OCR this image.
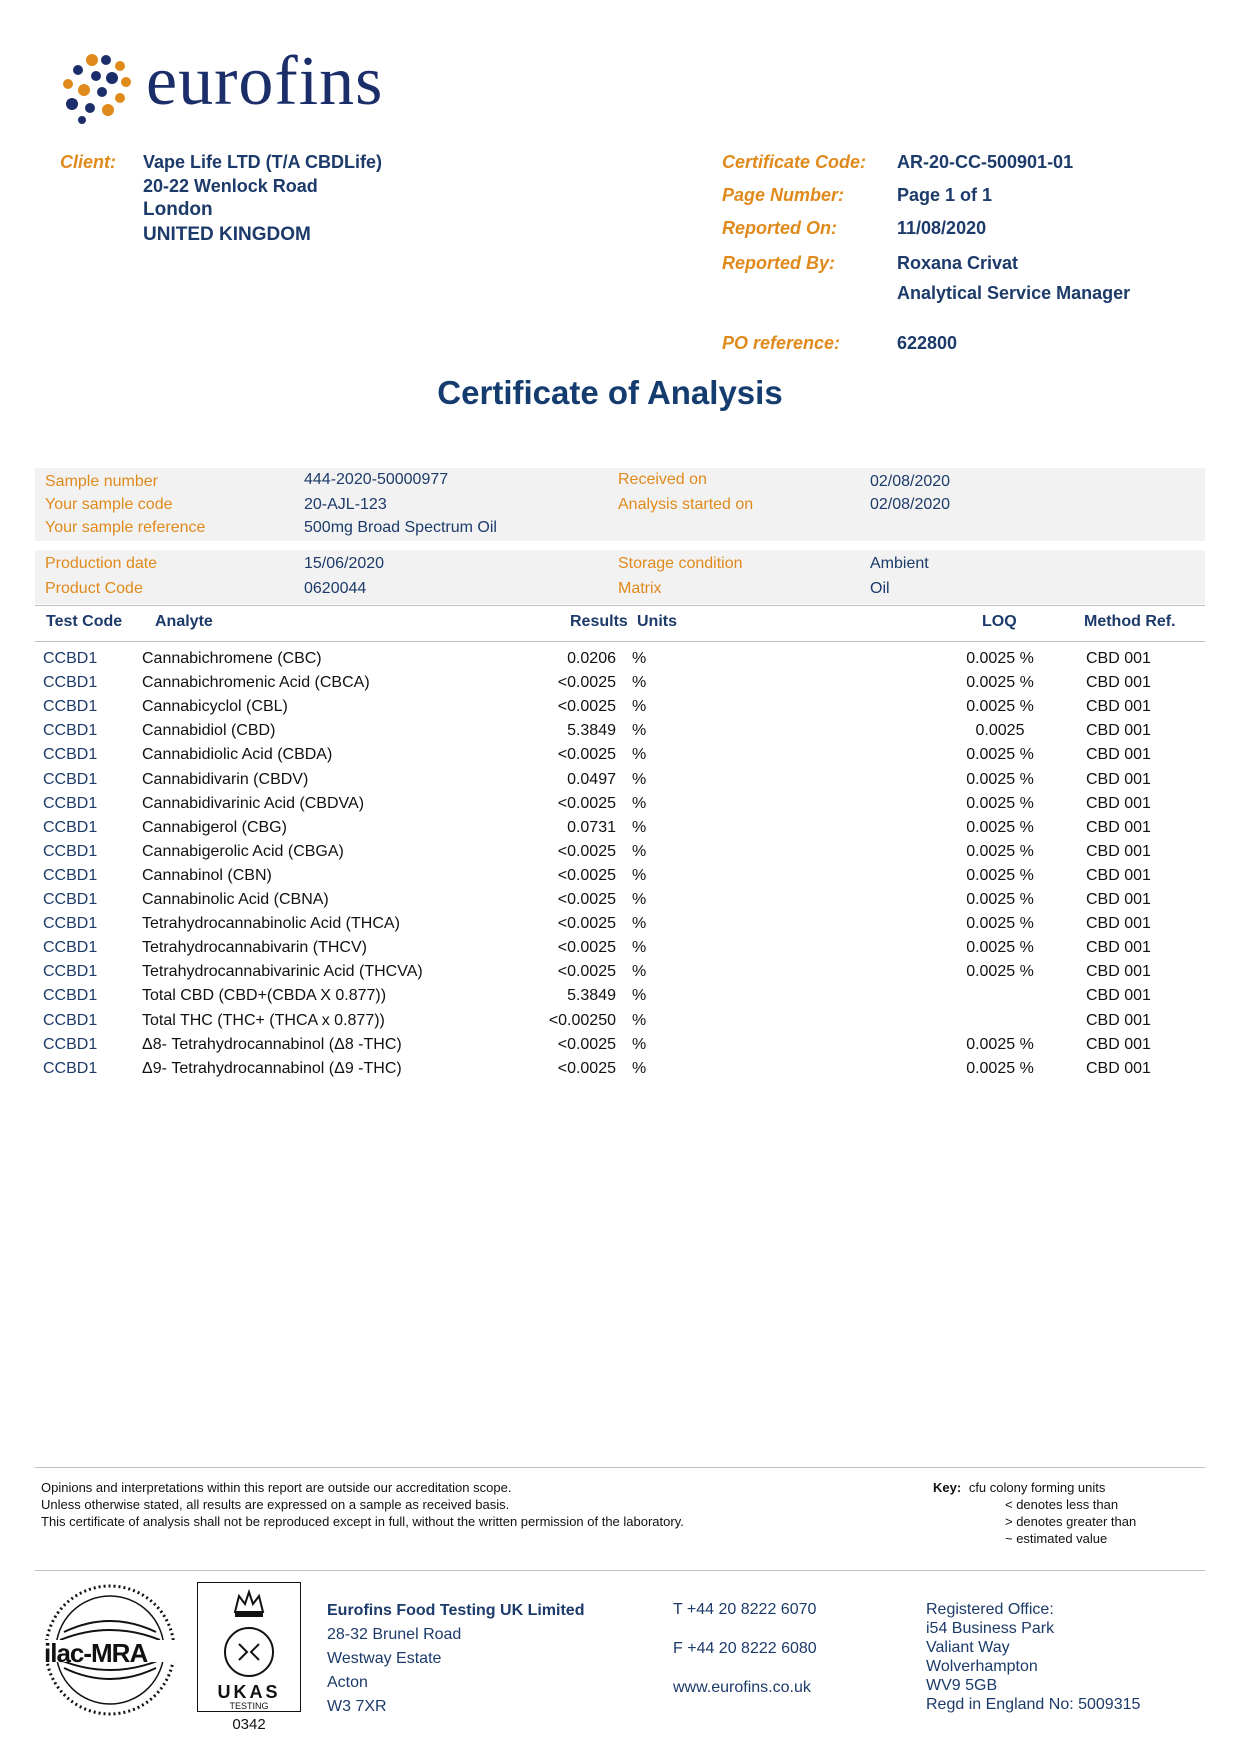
eurofins
Client: Vape Life LTD (T/A CBDLife)
20-22 Wenlock Road
London
UNITED KINGDOM
Certificate Code: AR-20-CC-500901-01
Page Number:	Page 1 of 1
Reported On:	11/08/2020
Reported By:	Roxana Crivat
Analytical Service Manager
PO reference:	622800
Certificate of Analysis
Sample number	444-2020-50000977
Your sample code	20-AJL-123
Your sample reference	500mg Broad Spectrum Oil
Received on	02/08/2020
Analysis started on	02/08/2020
Production date	15/06/2020
Product Code	0620044
Storage condition	Ambient
Matrix	Oil
Test Code Analyte	Results Units	LOQ	Method Ref.
CCBD1	Cannabichromene (CBC)	0.0206 %	0.0025 %	CBD 001
CCBD1	Cannabichromenic Acid (CBCA)	<0.0025 %	0.0025 %	CBD 001
CCBD1	Cannabicyclol (CBL)	<0.0025 %	0.0025 %	CBD 001
CCBD1	Cannabidiol (CBD)	5.3849 %	0.0025	CBD 001
CCBD1	Cannabidiolic Acid (CBDA)	<0.0025 %	0.0025 %	CBD 001
CCBD1	Cannabidivarin (CBDV)	0.0497 %	0.0025 %	CBD 001
CCBD1	Cannabidivarinic Acid (CBDVA)	<0.0025 %	0.0025 %	CBD 001
CCBD1	Cannabigerol (CBG)	0.0731 %	0.0025 %	CBD 001
CCBD1	Cannabigerolic Acid (CBGA)	<0.0025 %	0.0025 %	CBD 001
CCBD1	Cannabinol (CBN)	<0.0025 %	0.0025 %	CBD 001
CCBD1	Cannabinolic Acid (CBNA)	<0.0025 %	0.0025 %	CBD 001
CCBD1	Tetrahydrocannabinolic Acid (THCA)	<0.0025 %	0.0025 %	CBD 001
CCBD1	Tetrahydrocannabivarin (THCV)	<0.0025 %	0.0025 %	CBD 001
CCBD1	Tetrahydrocannabivarinic Acid (THCVA)	<0.0025 %	0.0025 %	CBD 001
CCBD1	Total CBD (CBD+(CBDA X 0.877))	5.3849 %	CBD 001
CCBD1	Total THC (THC+ (THCA x 0.877))	<0.00250 %	CBD 001
CCBD1	Δ8- Tetrahydrocannabinol (Δ8 -THC)	<0.0025 %	0.0025 %	CBD 001
CCBD1	Δ9- Tetrahydrocannabinol (Δ9 -THC)	<0.0025 %	0.0025 %	CBD 001
Opinions and interpretations within this report are outside our accreditation scope.
Unless otherwise stated, all results are expressed on a sample as received basis.
This certificate of analysis shall not be reproduced except in full, without the written permission of the laboratory.
Key: cfu colony forming units
< denotes less than
> denotes greater than
~ estimated value
ilac-MRA
UKAS
TESTING
0342
Eurofins Food Testing UK Limited
28-32 Brunel Road
Westway Estate
Acton
W3 7XR
T +44 20 8222 6070
F +44 20 8222 6080
www.eurofins.co.uk
Registered Office:
i54 Business Park
Valiant Way
Wolverhampton
WV9 5GB
Regd in England No: 5009315
